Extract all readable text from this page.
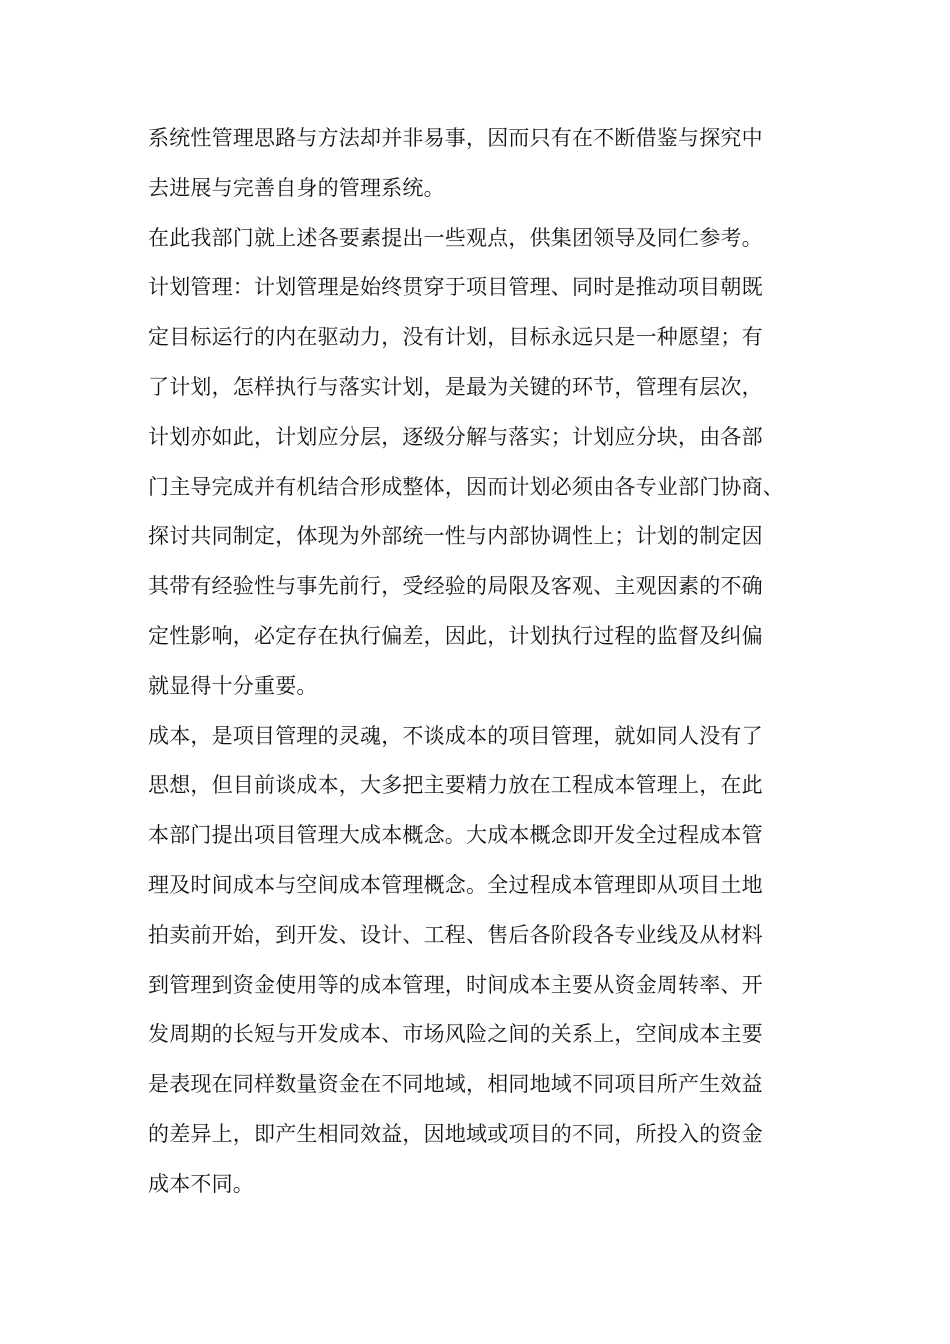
系统性管理思路与方法却并非易事，因而只有在不断借鉴与探究中
去进展与完善自身的管理系统。
在此我部门就上述各要素提出一些观点，供集团领导及同仁参考。
计划管理：计划管理是始终贯穿于项目管理、同时是推动项目朝既
定目标运行的内在驱动力，没有计划，目标永远只是一种愿望；有
了计划，怎样执行与落实计划，是最为关键的环节，管理有层次，
计划亦如此，计划应分层，逐级分解与落实；计划应分块，由各部
门主导完成并有机结合形成整体，因而计划必须由各专业部门协商、
探讨共同制定，体现为外部统一性与内部协调性上；计划的制定因
其带有经验性与事先前行，受经验的局限及客观、主观因素的不确
定性影响，必定存在执行偏差，因此，计划执行过程的监督及纠偏
就显得十分重要。
成本，是项目管理的灵魂，不谈成本的项目管理，就如同人没有了
思想，但目前谈成本，大多把主要精力放在工程成本管理上，在此
本部门提出项目管理大成本概念。大成本概念即开发全过程成本管
理及时间成本与空间成本管理概念。全过程成本管理即从项目土地
拍卖前开始，到开发、设计、工程、售后各阶段各专业线及从材料
到管理到资金使用等的成本管理，时间成本主要从资金周转率、开
发周期的长短与开发成本、市场风险之间的关系上，空间成本主要
是表现在同样数量资金在不同地域，相同地域不同项目所产生效益
的差异上，即产生相同效益，因地域或项目的不同，所投入的资金
成本不同。
